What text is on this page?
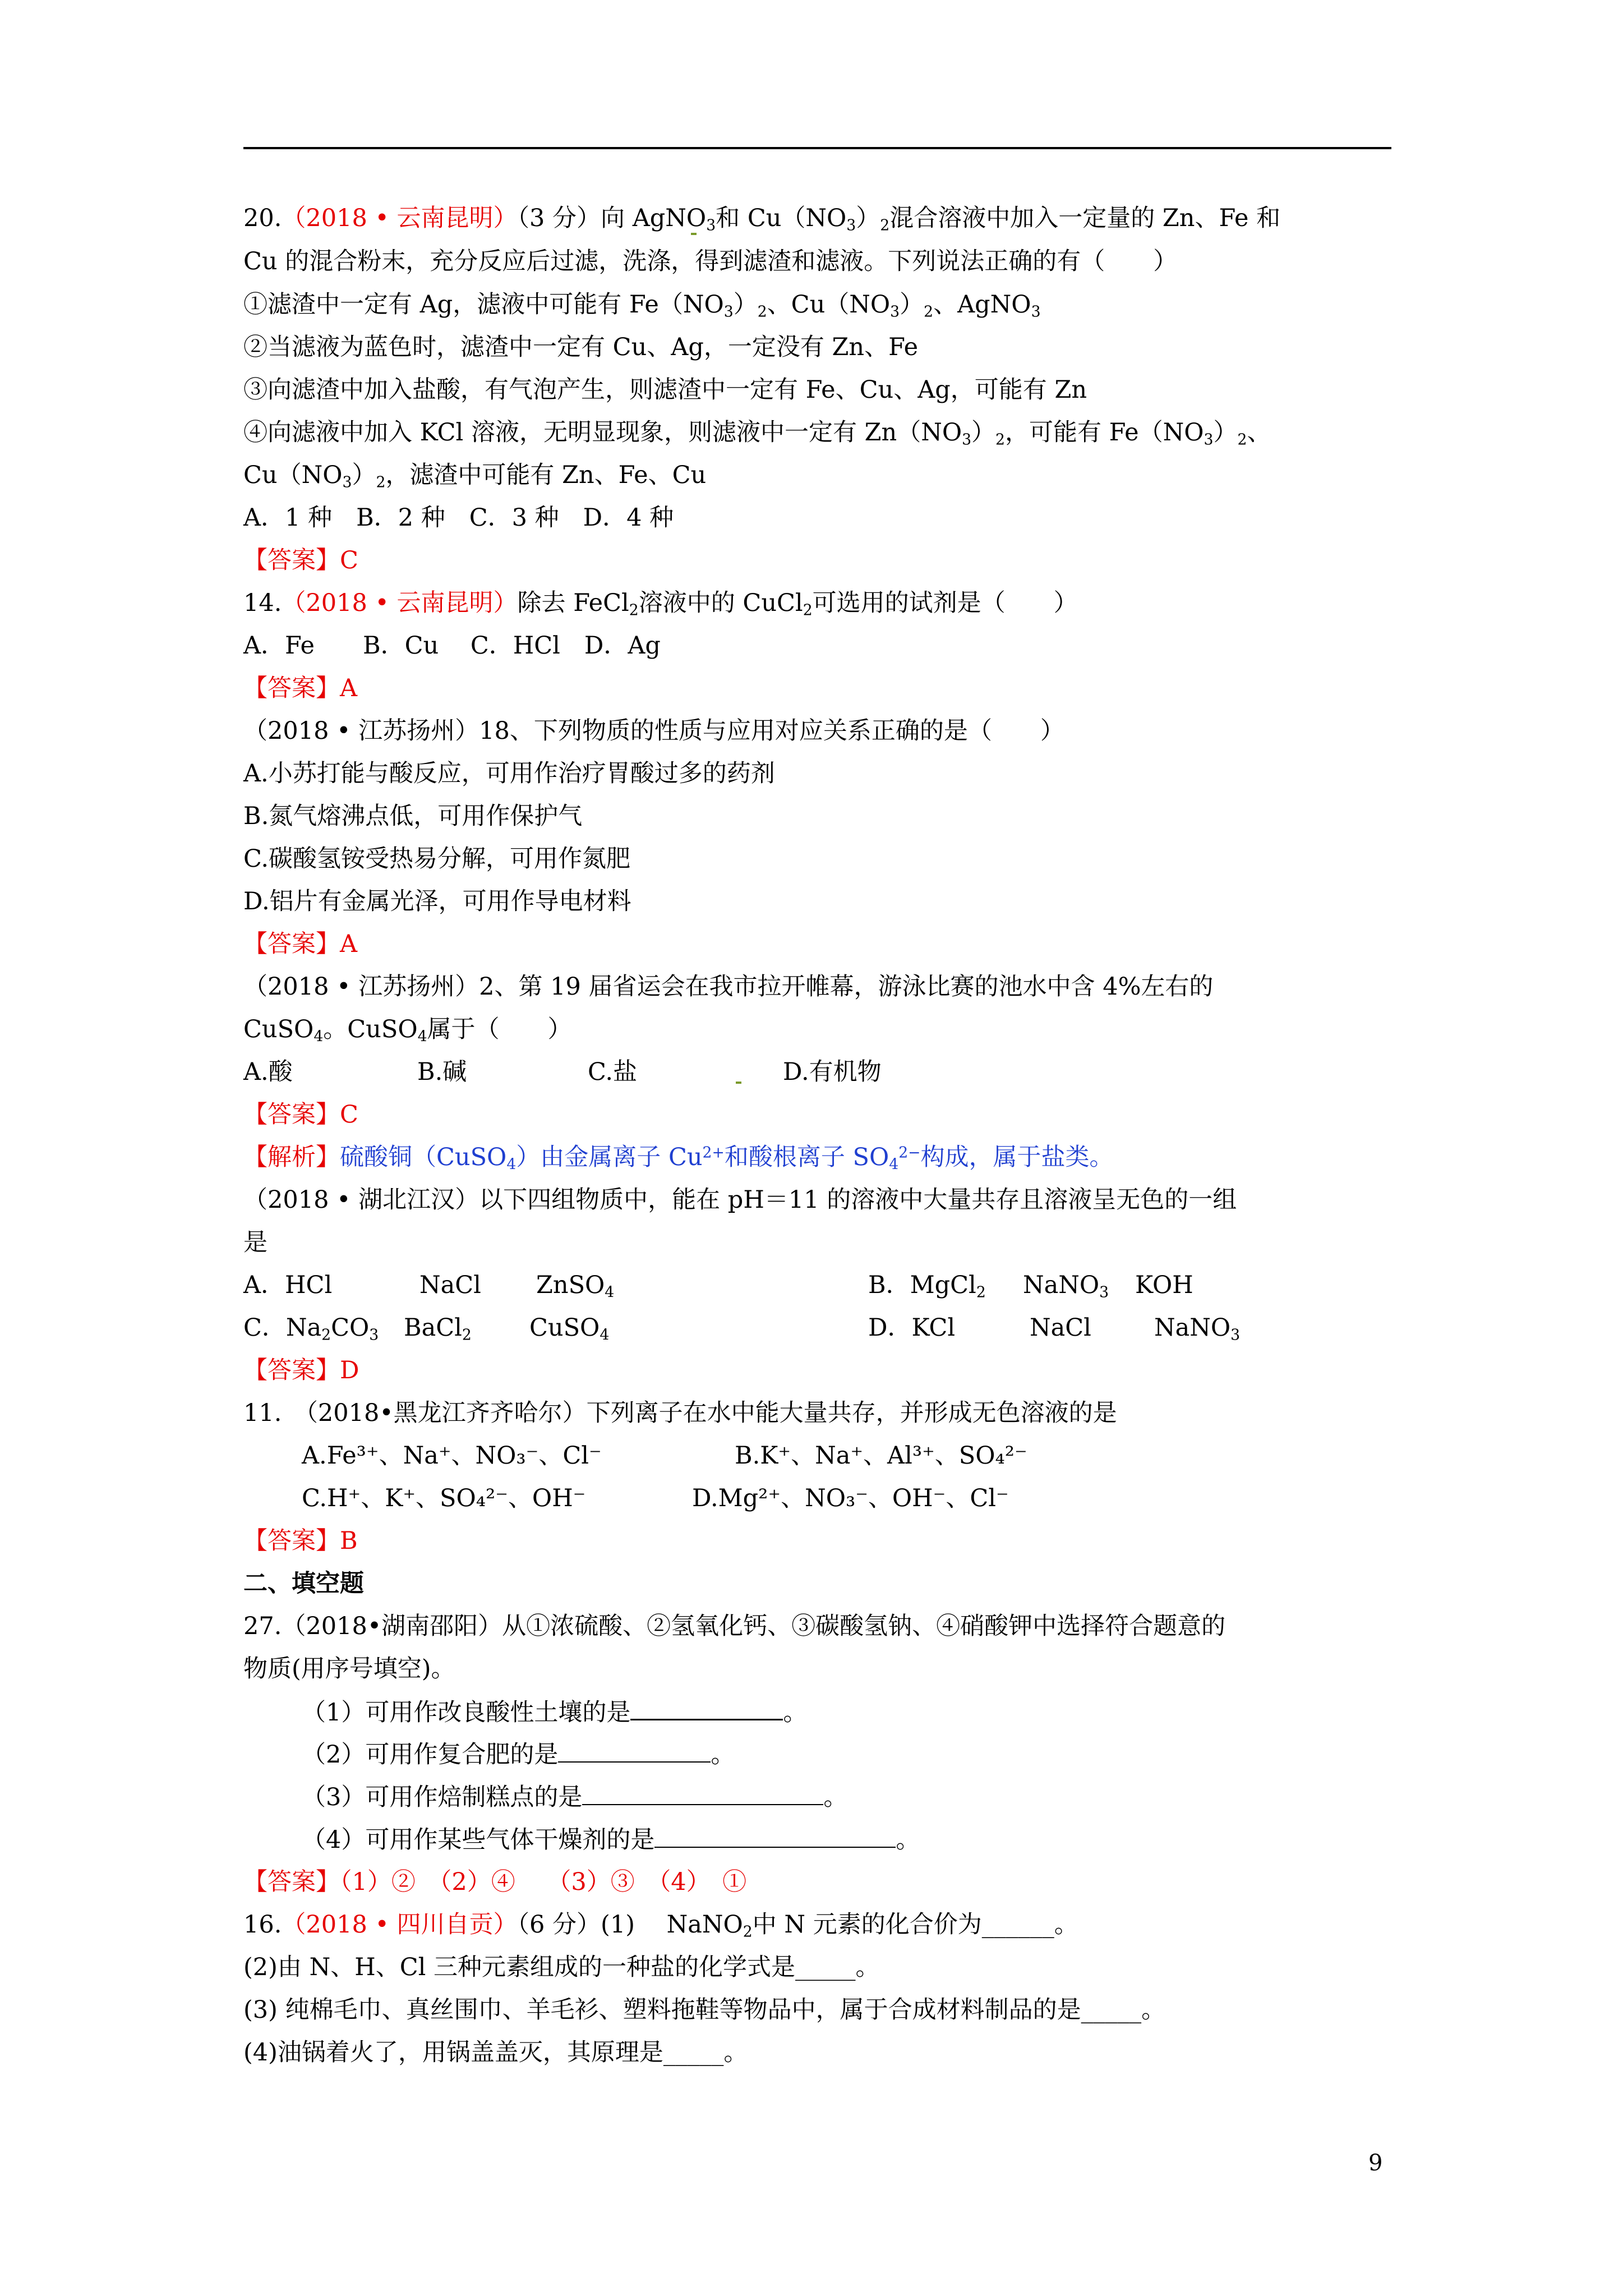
20.（2018 • 云南昆明）（3 分）向 AgNO$_3$和 $Cu(NO_3)_2$混合溶液中加入一定量的 Zn、Fe 和
Cu 的混合粉末，充分反应后过滤，洗涤，得到滤渣和滤液。下列说法正确的有（　　）
①滤渣中一定有 Ag，滤液中可能有 $Fe(NO_3)_2$、$Cu(NO_3)_2$、AgNO$_3$
②当滤液为蓝色时，滤渣中一定有 Cu、Ag，一定没有 Zn、Fe
③向滤渣中加入盐酸，有气泡产生，则滤渣中一定有 Fe、Cu、Ag，可能有 Zn
④向滤液中加入 KCl 溶液，无明显现象，则滤液中一定有 $Zn(NO_3)_2$，可能有 $Fe(NO_3)_2$、
$Cu(NO_3)_2$，滤渣中可能有 Zn、Fe、Cu
A．1 种　B．2 种　C．3 种　D．4 种
【答案】C
14.（2018 • 云南昆明）除去 FeCl$_2$溶液中的 CuCl$_2$可选用的试剂是（　　）
A．Fe　　B．Cu　 C．HCl　D．Ag
【答案】A
（2018 • 江苏扬州）18、下列物质的性质与应用对应关系正确的是（　　）
A.小苏打能与酸反应，可用作治疗胃酸过多的药剂
B.氮气熔沸点低，可用作保护气
C.碳酸氢铵受热易分解，可用作氮肥
D.铝片有金属光泽，可用作导电材料
【答案】A
（2018 • 江苏扬州）2、第 19 届省运会在我市拉开帷幕，游泳比赛的池水中含 4%左右的
CuSO$_4$。CuSO$_4$属于（　　）
A.酸	B.碱	C.盐	D.有机物
【答案】C
【解析】硫酸铜（CuSO$_4$）由金属离子 $Cu^{2+}$和酸根离子 $SO_4^{2-}$构成，属于盐类。
（2018 • 湖北江汉）以下四组物质中，能在 pH＝11 的溶液中大量共存且溶液呈无色的一组
是
A．HCl	NaCl ZnSO$_4$	B．MgCl$_2$ NaNO$_3$ KOH
C．$Na_2CO_3$ BaCl$_2$ CuSO$_4$	D．KCl	NaCl	NaNO$_3$
【答案】D
11.　（2018•黑龙江齐齐哈尔）下列离子在水中能大量共存，并形成无色溶液的是
A.Fe³⁺、Na⁺、NO₃⁻、Cl⁻	B.K⁺、Na⁺、Al³⁺、SO₄²⁻
C.H⁺、K⁺、SO₄²⁻、OH⁻	D.Mg²⁺、NO₃⁻、OH⁻、Cl⁻
【答案】B
二、填空题
27.（2018•湖南邵阳）从①浓硫酸、②氢氧化钙、③碳酸氢钠、④硝酸钾中选择符合题意的
物质(用序号填空)。
（1）可用作改良酸性土壤的是	。
（2）可用作复合肥的是	。
（3）可用作焙制糕点的是	。
（4）可用作某些气体干燥剂的是	。
【答案】（1）②　（2）④　 （3）③　（4）　①
16.（2018 • 四川自贡）（6 分）(1)　 NaNO$_2$中 N 元素的化合价为______。
(2)由 N、H、Cl 三种元素组成的一种盐的化学式是_____。
(3) 纯棉毛巾、真丝围巾、羊毛衫、塑料拖鞋等物品中，属于合成材料制品的是_____。
(4)油锅着火了，用锅盖盖灭，其原理是_____。
9
